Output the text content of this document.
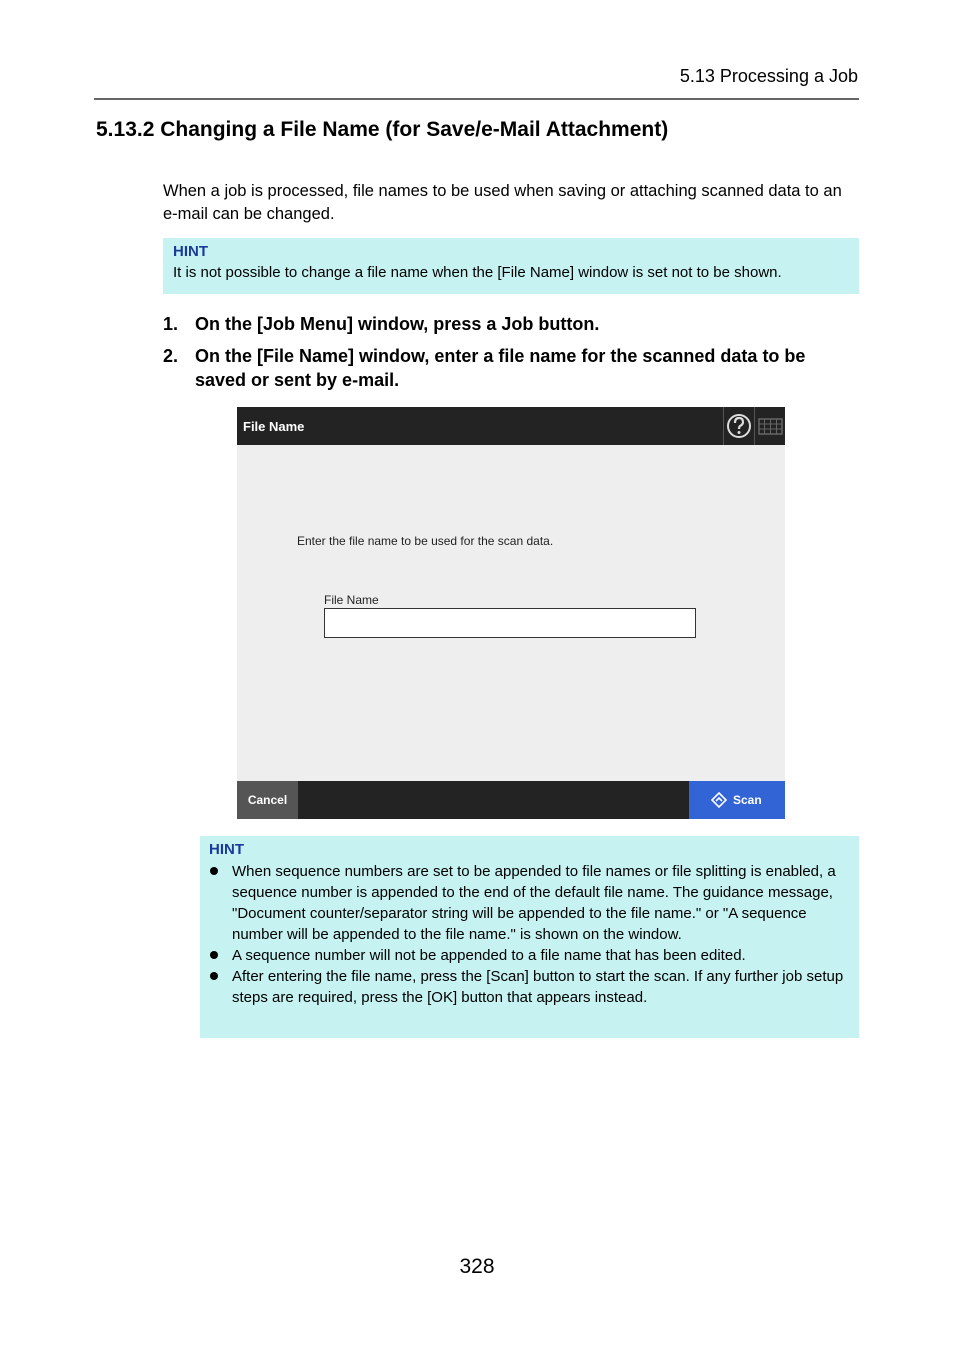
5.13 Processing a Job
5.13.2 Changing a File Name (for Save/e-Mail Attachment)
When a job is processed, file names to be used when saving or attaching scanned data to an e-mail can be changed.
HINT
It is not possible to change a file name when the [File Name] window is set not to be shown.
1. On the [Job Menu] window, press a Job button.
2. On the [File Name] window, enter a file name for the scanned data to be saved or sent by e-mail.
File Name
Enter the file name to be used for the scan data.
File Name
Cancel	Scan
HINT
When sequence numbers are set to be appended to file names or file splitting is enabled, a sequence number is appended to the end of the default file name. The guidance message, "Document counter/separator string will be appended to the file name." or "A sequence number will be appended to the file name." is shown on the window.
A sequence number will not be appended to a file name that has been edited.
After entering the file name, press the [Scan] button to start the scan. If any further job setup steps are required, press the [OK] button that appears instead.
328
